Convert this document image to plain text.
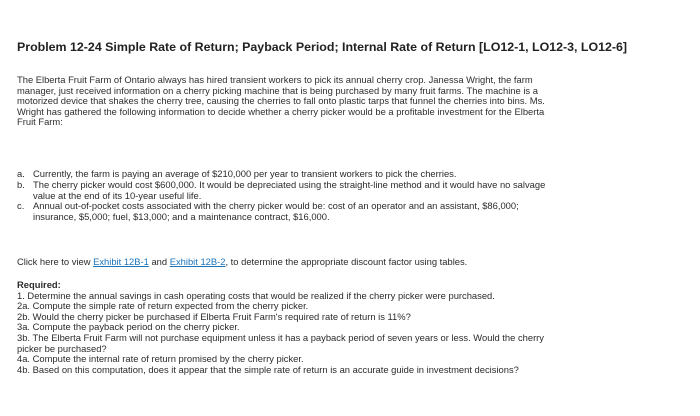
Problem 12-24 Simple Rate of Return; Payback Period; Internal Rate of Return [LO12-1, LO12-3, LO12-6]
The Elberta Fruit Farm of Ontario always has hired transient workers to pick its annual cherry crop. Janessa Wright, the farm
manager, just received information on a cherry picking machine that is being purchased by many fruit farms. The machine is a
motorized device that shakes the cherry tree, causing the cherries to fall onto plastic tarps that funnel the cherries into bins. Ms.
Wright has gathered the following information to decide whether a cherry picker would be a profitable investment for the Elberta
Fruit Farm:
a. Currently, the farm is paying an average of $210,000 per year to transient workers to pick the cherries.
b. The cherry picker would cost $600,000. It would be depreciated using the straight-line method and it would have no salvage
value at the end of its 10-year useful life.
c. Annual out-of-pocket costs associated with the cherry picker would be: cost of an operator and an assistant, $86,000;
insurance, $5,000; fuel, $13,000; and a maintenance contract, $16,000.
Click here to view Exhibit 12B-1 and Exhibit 12B-2, to determine the appropriate discount factor using tables.
Required:
1. Determine the annual savings in cash operating costs that would be realized if the cherry picker were purchased.
2a. Compute the simple rate of return expected from the cherry picker.
2b. Would the cherry picker be purchased if Elberta Fruit Farm's required rate of return is 11%?
3a. Compute the payback period on the cherry picker.
3b. The Elberta Fruit Farm will not purchase equipment unless it has a payback period of seven years or less. Would the cherry
picker be purchased?
4a. Compute the internal rate of return promised by the cherry picker.
4b. Based on this computation, does it appear that the simple rate of return is an accurate guide in investment decisions?
